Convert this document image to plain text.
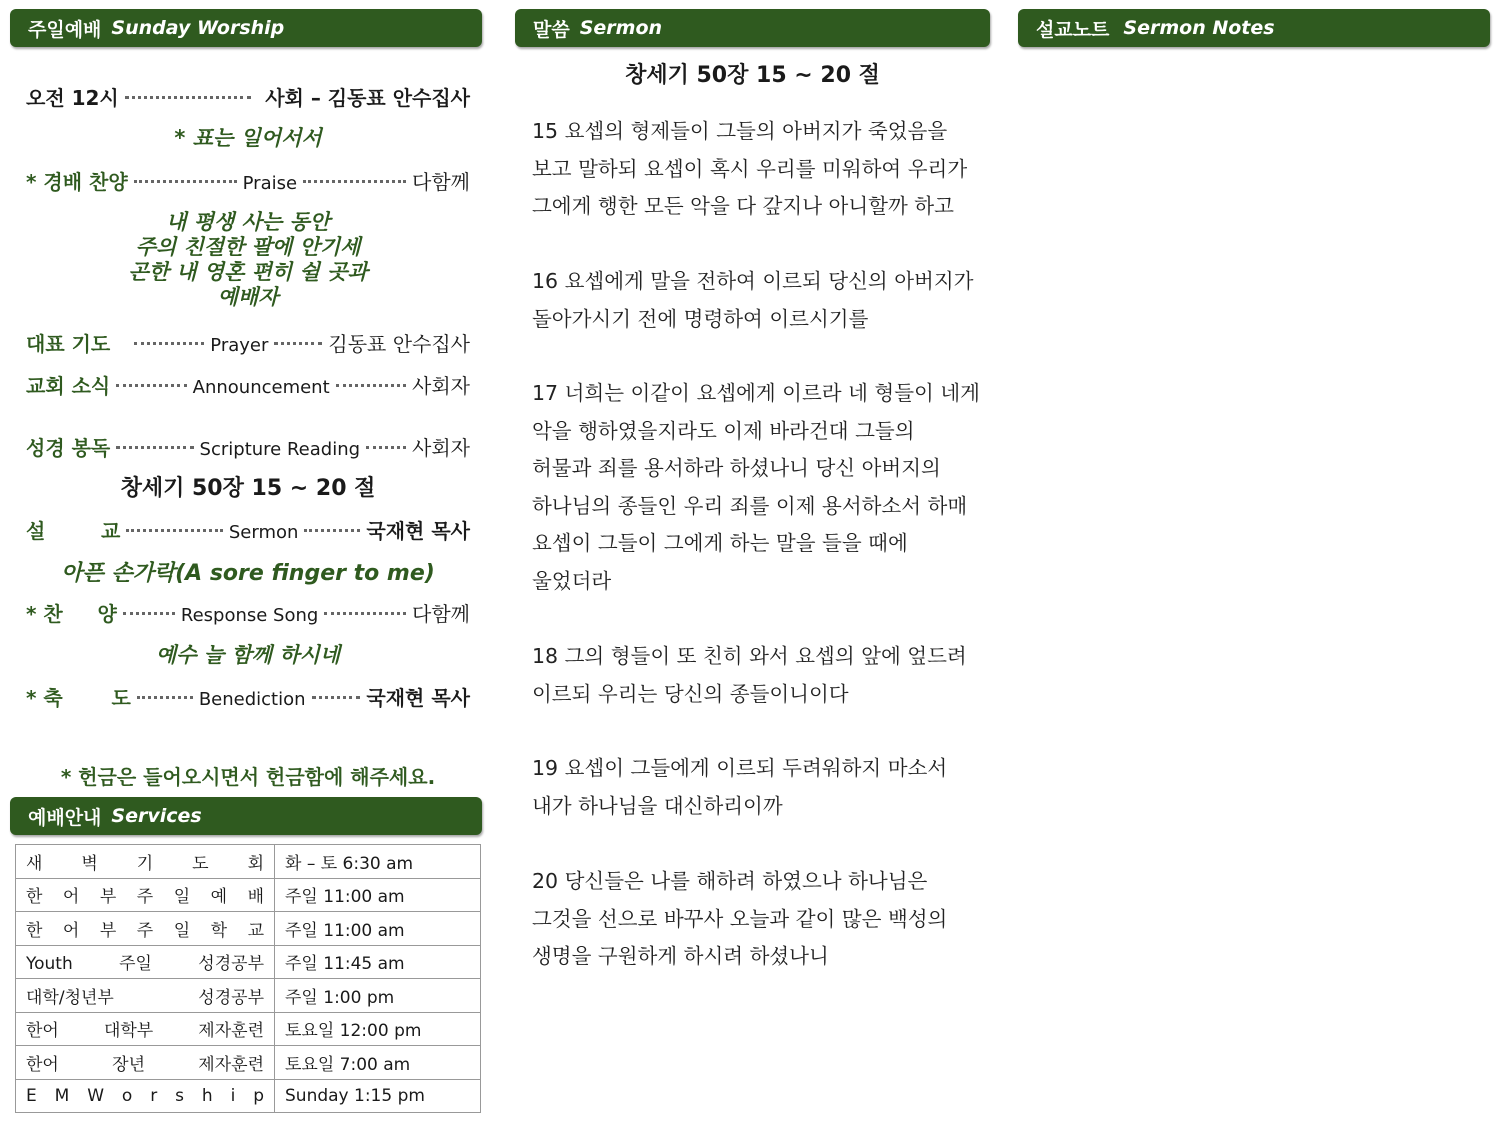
주일예배 Sunday Worship
오전 12시	사회 – 김동표 안수집사
* 표는 일어서서
* 경배 찬양	Praise	다함께
내 평생 사는 동안
주의 친절한 팔에 안기세
곤한 내 영혼 편히 쉴 곳과
예배자
대표 기도	Prayer	김동표 안수집사
교회 소식	Announcement	사회자
성경 봉독	Scripture Reading	사회자
창세기 50장 15 ~ 20 절
설        교	Sermon	국재현 목사
아픈 손가락(A sore finger to me)
* 찬     양	Response Song	다함께
예수 늘 함께 하시네
* 축       도	Benediction	국재현 목사
* 헌금은 들어오시면서 헌금함에 해주세요.
예배안내 Services
새 벽 기 도 회	화 – 토 6:30 am

한 어 부 주 일 예 배	주일 11:00 am

한 어 부 주 일 학 교	주일 11:00 am

Youth 주일 성경공부	주일 11:45 am

대학/청년부 성경공부	주일 1:00 pm

한어 대학부 제자훈련	토요일 12:00 pm

한어 장년 제자훈련	토요일 7:00 am

E M W o r s h i p	Sunday 1:15 pm
말씀 Sermon
창세기 50장 15 ~ 20 절
15 요셉의 형제들이 그들의 아버지가 죽었음을
보고 말하되 요셉이 혹시 우리를 미워하여 우리가
그에게 행한 모든 악을 다 갚지나 아니할까 하고
16 요셉에게 말을 전하여 이르되 당신의 아버지가
돌아가시기 전에 명령하여 이르시기를
17 너희는 이같이 요셉에게 이르라 네 형들이 네게
악을 행하였을지라도 이제 바라건대 그들의
허물과 죄를 용서하라 하셨나니 당신 아버지의
하나님의 종들인 우리 죄를 이제 용서하소서 하매
요셉이 그들이 그에게 하는 말을 들을 때에
울었더라
18 그의 형들이 또 친히 와서 요셉의 앞에 엎드려
이르되 우리는 당신의 종들이니이다
19 요셉이 그들에게 이르되 두려워하지 마소서
내가 하나님을 대신하리이까
20 당신들은 나를 해하려 하였으나 하나님은
그것을 선으로 바꾸사 오늘과 같이 많은 백성의
생명을 구원하게 하시려 하셨나니
설교노트 Sermon Notes
